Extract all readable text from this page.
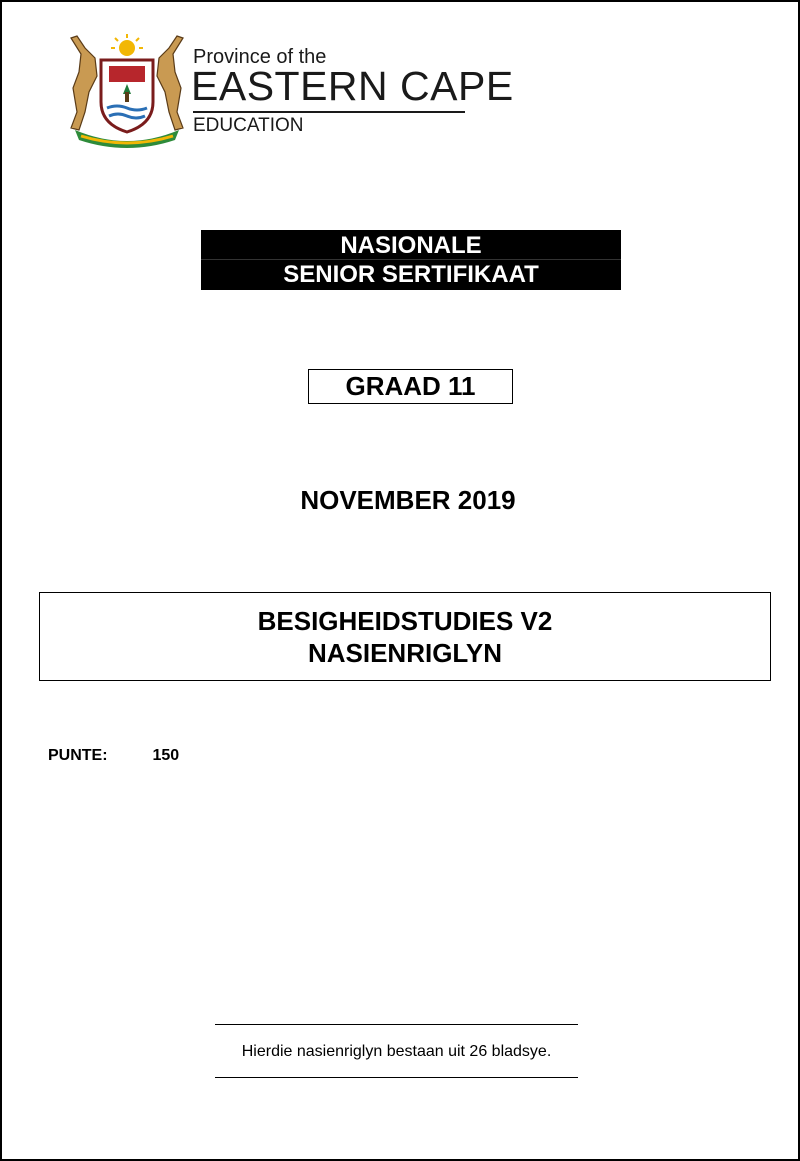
Province of the
EASTERN CAPE
EDUCATION
NASIONALE
SENIOR SERTIFIKAAT
GRAAD 11
NOVEMBER 2019
BESIGHEIDSTUDIES V2
NASIENRIGLYN
PUNTE:	150
Hierdie nasienriglyn bestaan uit 26 bladsye.
